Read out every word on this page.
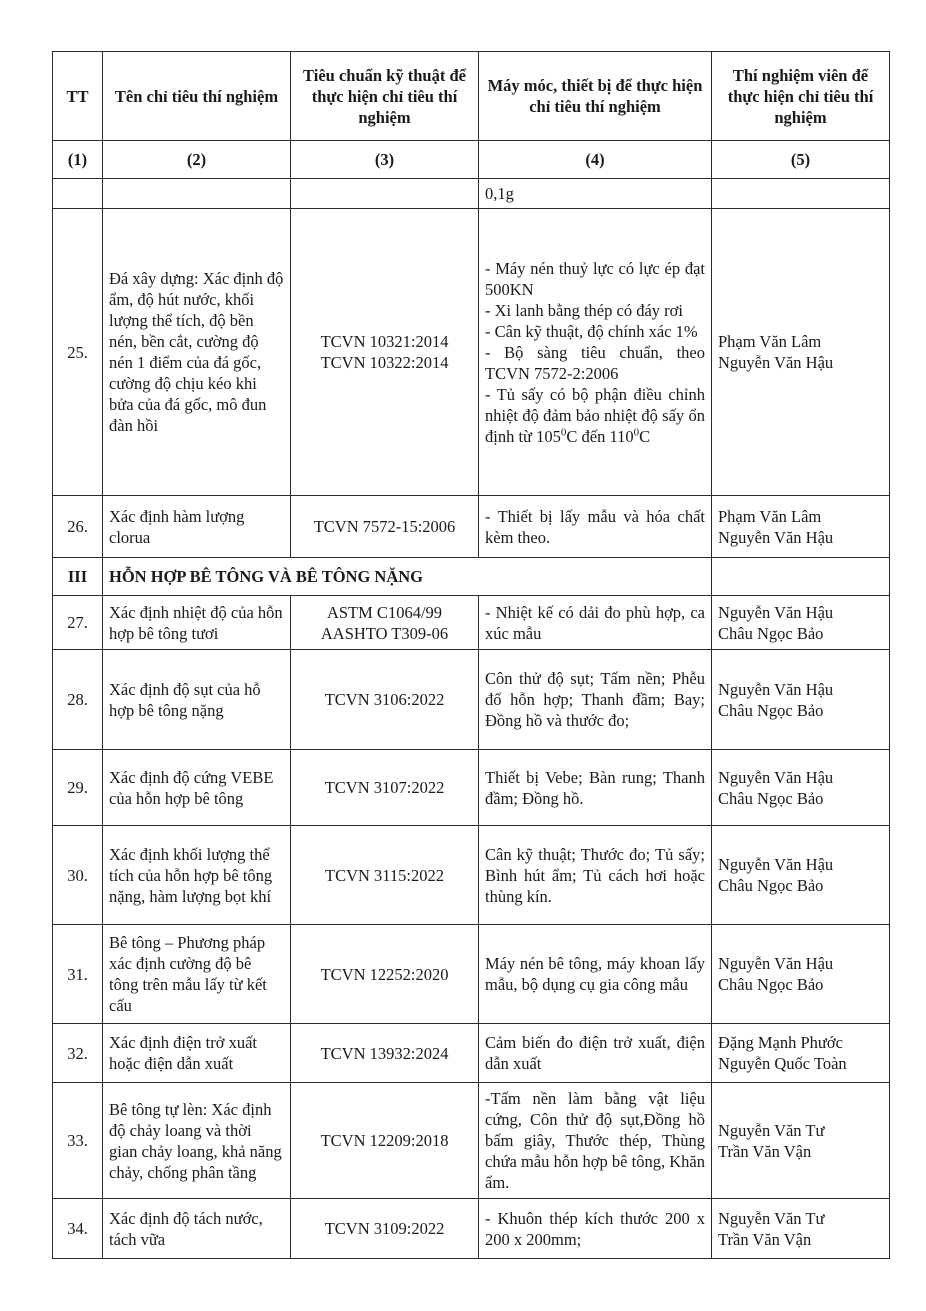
TT	Tên chỉ tiêu thí nghiệm	Tiêu chuẩn kỹ thuật để thực hiện chỉ tiêu thí nghiệm	Máy móc, thiết bị để thực hiện chỉ tiêu thí nghiệm	Thí nghiệm viên để thực hiện chỉ tiêu thí nghiệm
(1)	(2)	(3)	(4)	(5)
			0,1g	
25.	Đá xây dựng: Xác định độ ẩm, độ hút nước, khối lượng thể tích, độ bền nén, bền cắt, cường độ nén 1 điểm của đá gốc, cường độ chịu kéo khi bửa của đá gốc, mô đun đàn hồi	TCVN 10321:2014
TCVN 10322:2014	- Máy nén thuỷ lực có lực ép đạt 500KN
- Xi lanh bằng thép có đáy rơi
- Cân kỹ thuật, độ chính xác 1%
- Bộ sàng tiêu chuẩn, theo TCVN 7572-2:2006
- Tủ sấy có bộ phận điều chỉnh nhiệt độ đảm bảo nhiệt độ sấy ổn định từ $105^0C$ đến $110^0C$	Phạm Văn Lâm
Nguyễn Văn Hậu

26.	Xác định hàm lượng clorua	TCVN 7572-15:2006	- Thiết bị lấy mẫu và hóa chất kèm theo.	Phạm Văn Lâm
Nguyễn Văn Hậu

III	HỖN HỢP BÊ TÔNG VÀ BÊ TÔNG NẶNG			
27.	Xác định nhiệt độ của hỗn hợp bê tông tươi	ASTM C1064/99
AASHTO T309-06	- Nhiệt kế có dải đo phù hợp, ca xúc mẫu	Nguyễn Văn Hậu
Châu Ngọc Bảo

28.	Xác định độ sụt của hỗ hợp bê tông nặng	TCVN 3106:2022	Côn thử độ sụt; Tấm nền; Phễu đổ hỗn hợp; Thanh đầm; Bay; Đồng hồ và thước đo;	Nguyễn Văn Hậu
Châu Ngọc Bảo

29.	Xác định độ cứng VEBE của hỗn hợp bê tông	TCVN 3107:2022	Thiết bị Vebe; Bàn rung; Thanh đầm; Đồng hồ.	Nguyễn Văn Hậu
Châu Ngọc Bảo

30.	Xác định khối lượng thể tích của hỗn hợp bê tông nặng, hàm lượng bọt khí	TCVN 3115:2022	Cân kỹ thuật; Thước đo; Tủ sấy; Bình hút ẩm; Tủ cách hơi hoặc thùng kín.	Nguyễn Văn Hậu
Châu Ngọc Bảo

31.	Bê tông – Phương pháp xác định cường độ bê tông trên mẫu lấy từ kết cấu	TCVN 12252:2020	Máy nén bê tông, máy khoan lấy mẫu, bộ dụng cụ gia công mẫu	Nguyễn Văn Hậu
Châu Ngọc Bảo

32.	Xác định điện trở xuất hoặc điện dẫn xuất	TCVN 13932:2024	Cảm biến đo điện trở xuất, điện dẫn xuất	Đặng Mạnh Phước
Nguyễn Quốc Toàn

33.	Bê tông tự lèn: Xác định độ chảy loang và thời gian chảy loang, khả năng chảy, chống phân tầng	TCVN 12209:2018	-Tấm nền làm bằng vật liệu cứng, Côn thử độ sụt,Đồng hồ bấm giây, Thước thép, Thùng chứa mẫu hỗn hợp bê tông, Khăn ẩm.	Nguyễn Văn Tư
Trần Văn Vận

34.	Xác định độ tách nước, tách vữa	TCVN 3109:2022	- Khuôn thép kích thước 200 x 200 x 200mm;	Nguyễn Văn Tư
Trần Văn Vận
